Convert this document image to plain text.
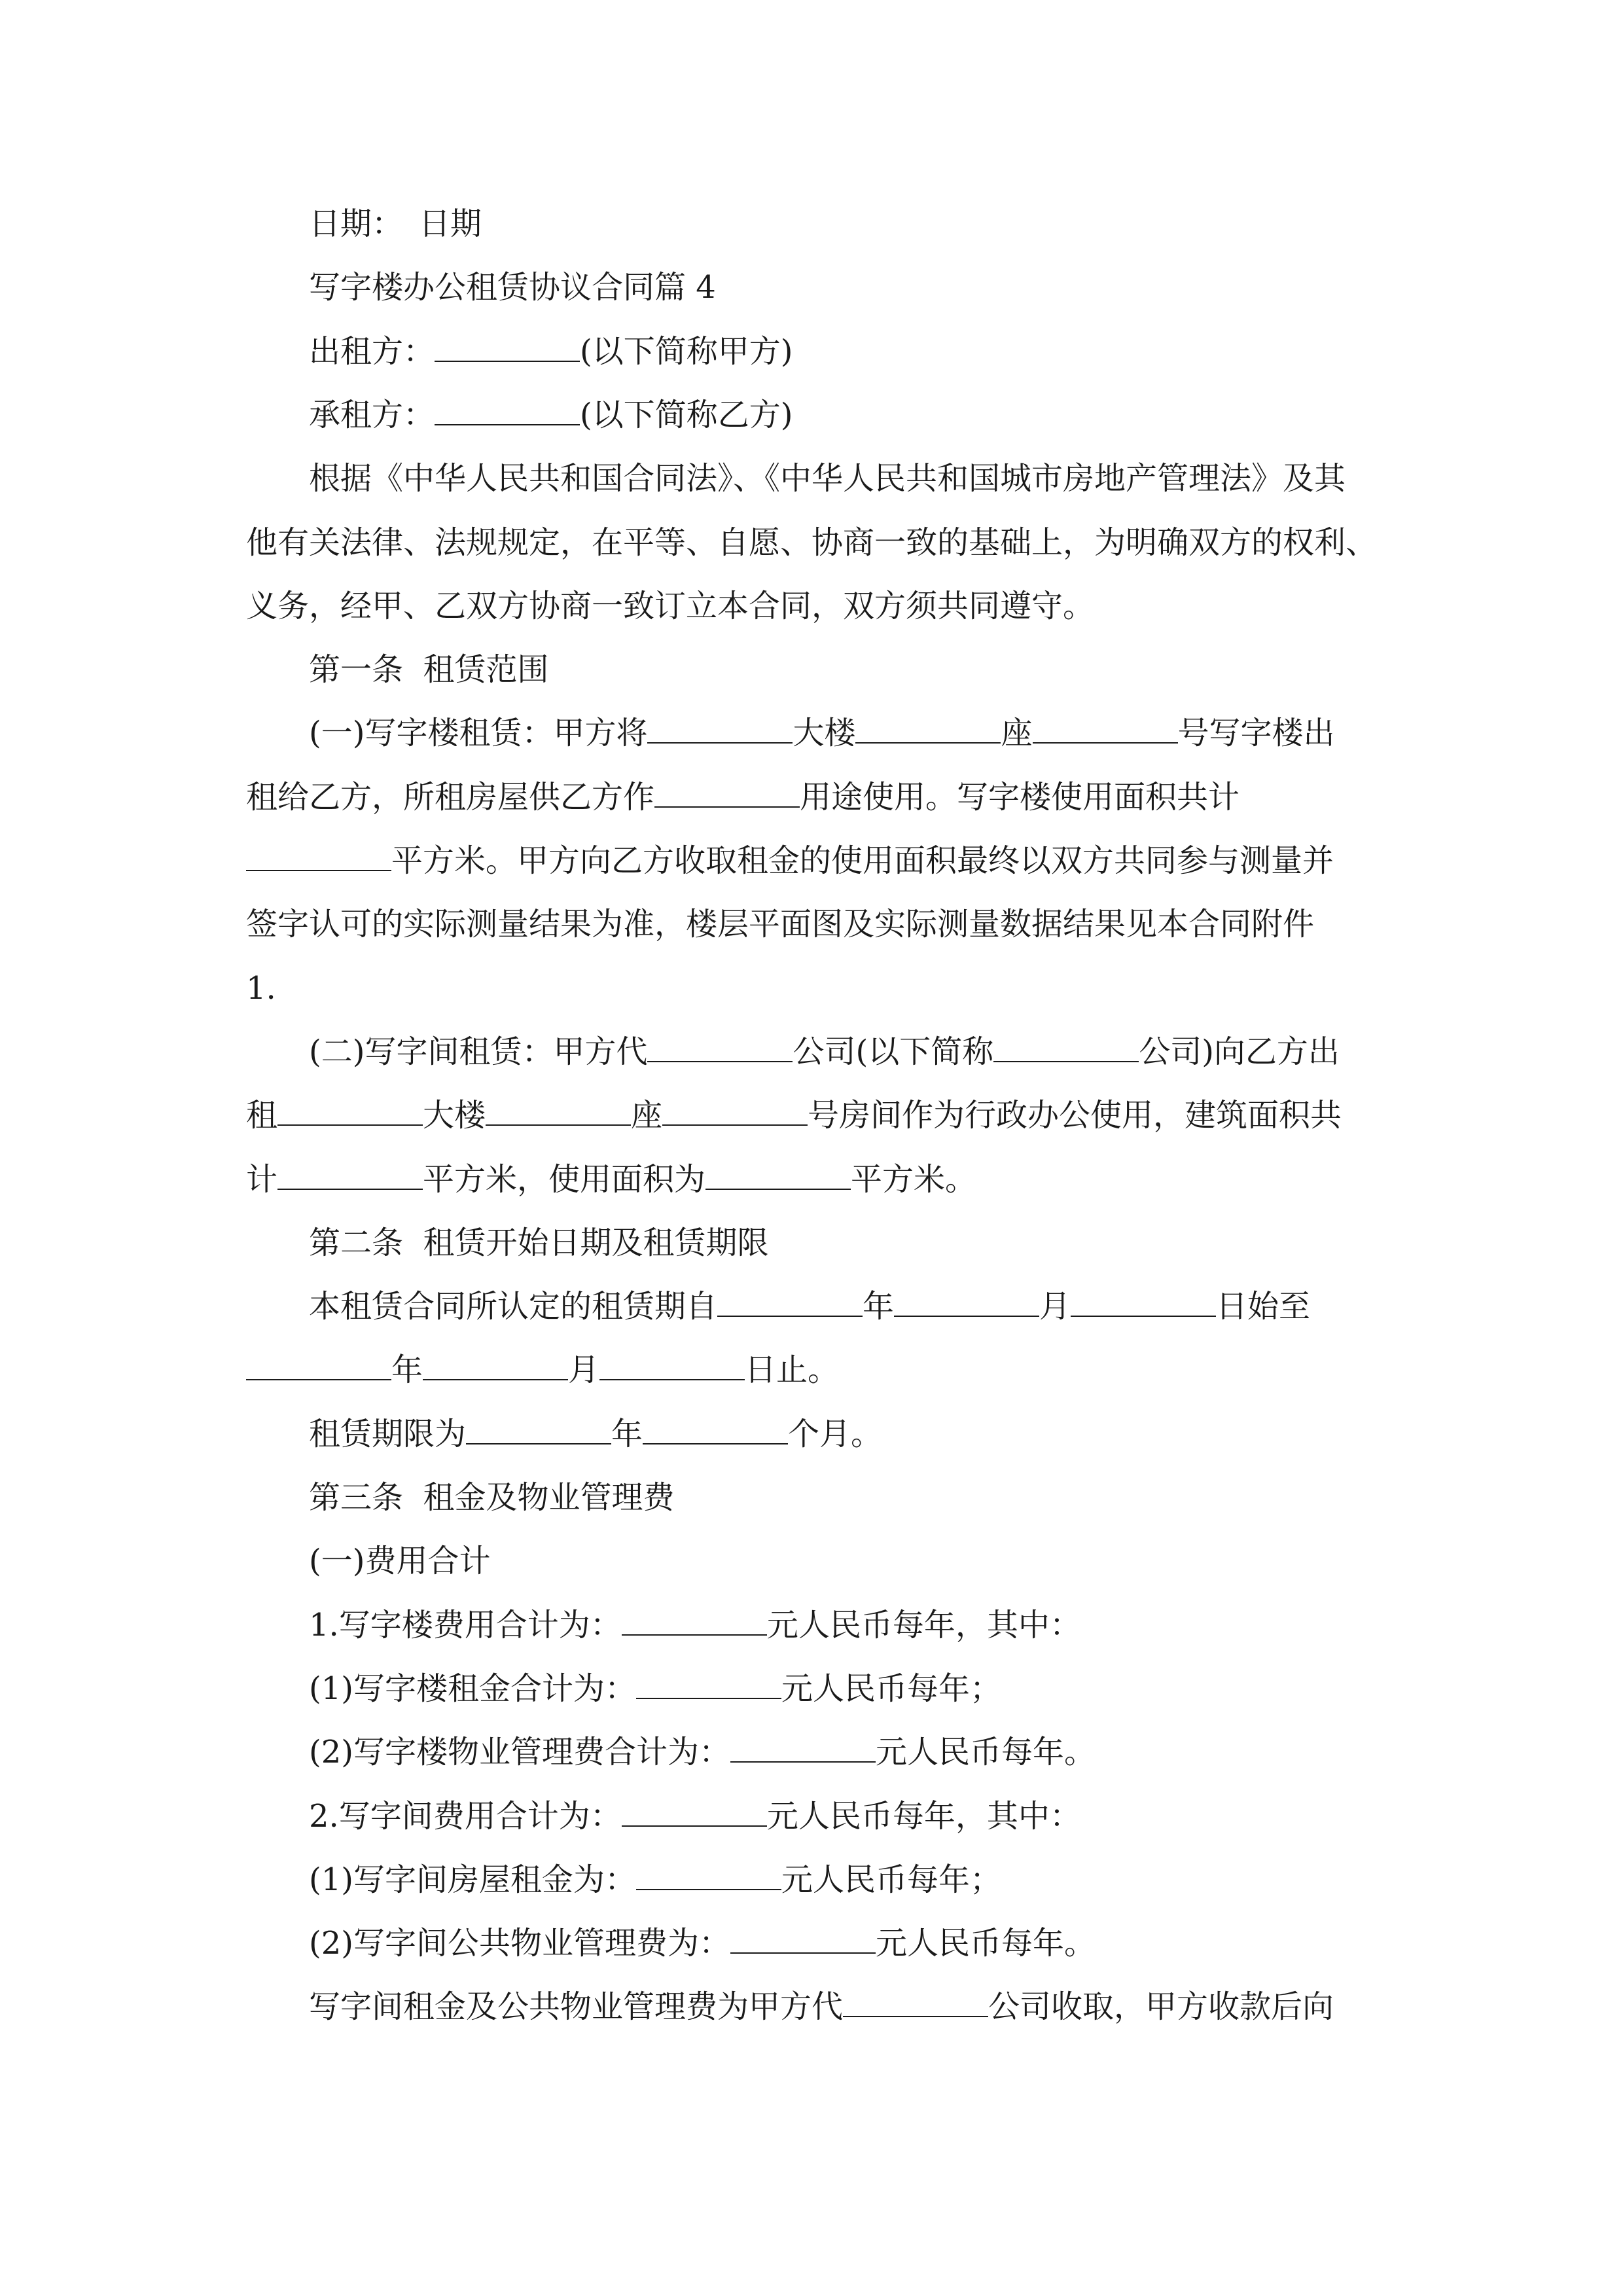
日期：　日期

写字楼办公租赁协议合同篇 4

出租方：	(以下简称甲方)

承租方：	(以下简称乙方)

根据《中华人民共和国合同法》、《中华人民共和国城市房地产管理法》及其

他有关法律、法规规定，在平等、自愿、协商一致的基础上，为明确双方的权利、

义务，经甲、乙双方协商一致订立本合同，双方须共同遵守。

第一条  租赁范围

(一)写字楼租赁：甲方将	大楼	座	号写字楼出

租给乙方，所租房屋供乙方作	用途使用。写字楼使用面积共计

平方米。甲方向乙方收取租金的使用面积最终以双方共同参与测量并

签字认可的实际测量结果为准，楼层平面图及实际测量数据结果见本合同附件

1.

(二)写字间租赁：甲方代	公司(以下简称	公司)向乙方出

租	大楼	座	号房间作为行政办公使用，建筑面积共

计	平方米，使用面积为	平方米。

第二条  租赁开始日期及租赁期限

本租赁合同所认定的租赁期自	年	月	日始至

年	月	日止。

租赁期限为	年	个月。

第三条  租金及物业管理费

(一)费用合计

1.写字楼费用合计为：	元人民币每年，其中：

(1)写字楼租金合计为：	元人民币每年；

(2)写字楼物业管理费合计为：	元人民币每年。

2.写字间费用合计为：	元人民币每年，其中：

(1)写字间房屋租金为：	元人民币每年；

(2)写字间公共物业管理费为：	元人民币每年。

写字间租金及公共物业管理费为甲方代	公司收取，甲方收款后向
